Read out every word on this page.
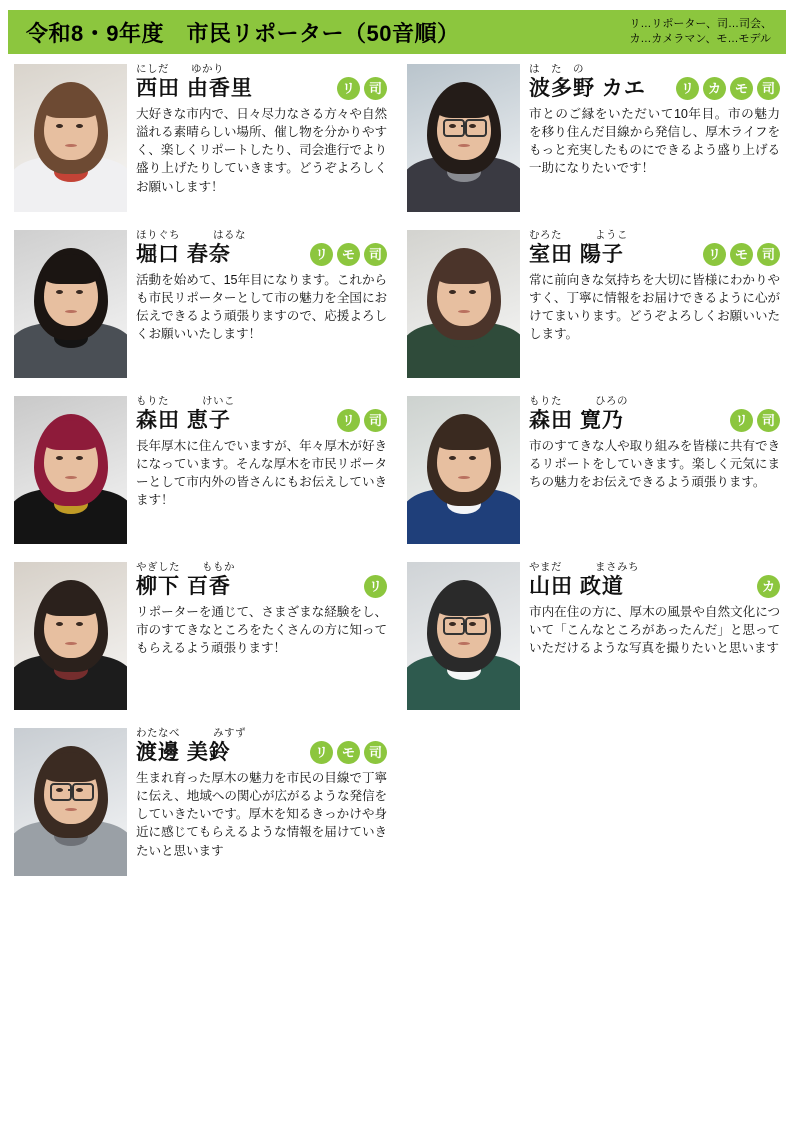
令和8・9年度　市民リポーター（50音順）	リ…リポーター、司…司会、
カ…カメラマン、モ…モデル
にしだ　　ゆかり
西田 由香里	リ	司

大好きな市内で、日々尽力なさる方々や自然溢れる素晴らしい場所、催し物を分かりやすく、楽しくリポートしたり、司会進行でより盛り上げたりしていきます。どうぞよろしくお願いします！

ほりぐち　　　はるな
堀口 春奈	リ	モ	司

活動を始めて、15年目になります。これからも市民リポーターとして市の魅力を全国にお伝えできるよう頑張りますので、応援よろしくお願いいたします！

もりた　　　けいこ
森田 恵子	リ	司

長年厚木に住んでいますが、年々厚木が好きになっています。そんな厚木を市民リポーターとして市内外の皆さんにもお伝えしていきます！

やぎした　　ももか
柳下 百香	リ

リポーターを通じて、さまざまな経験をし、市のすてきなところをたくさんの方に知ってもらえるよう頑張ります！

わたなべ　　　みすず
渡邊 美鈴	リ	モ	司

生まれ育った厚木の魅力を市民の目線で丁寧に伝え、地域への関心が広がるような発信をしていきたいです。厚木を知るきっかけや身近に感じてもらえるような情報を届けていきたいと思います

は　た　の
波多野 カエ	リ	カ	モ	司

市とのご縁をいただいて10年目。市の魅力を移り住んだ目線から発信し、厚木ライフをもっと充実したものにできるよう盛り上げる一助になりたいです！

むろた　　　ようこ
室田 陽子	リ	モ	司

常に前向きな気持ちを大切に皆様にわかりやすく、丁寧に情報をお届けできるように心がけてまいります。どうぞよろしくお願いいたします。

もりた　　　ひろの
森田 寛乃	リ	司

市のすてきな人や取り組みを皆様に共有できるリポートをしていきます。楽しく元気にまちの魅力をお伝えできるよう頑張ります。

やまだ　　　まさみち
山田 政道	カ

市内在住の方に、厚木の風景や自然文化について「こんなところがあったんだ」と思っていただけるような写真を撮りたいと思います
